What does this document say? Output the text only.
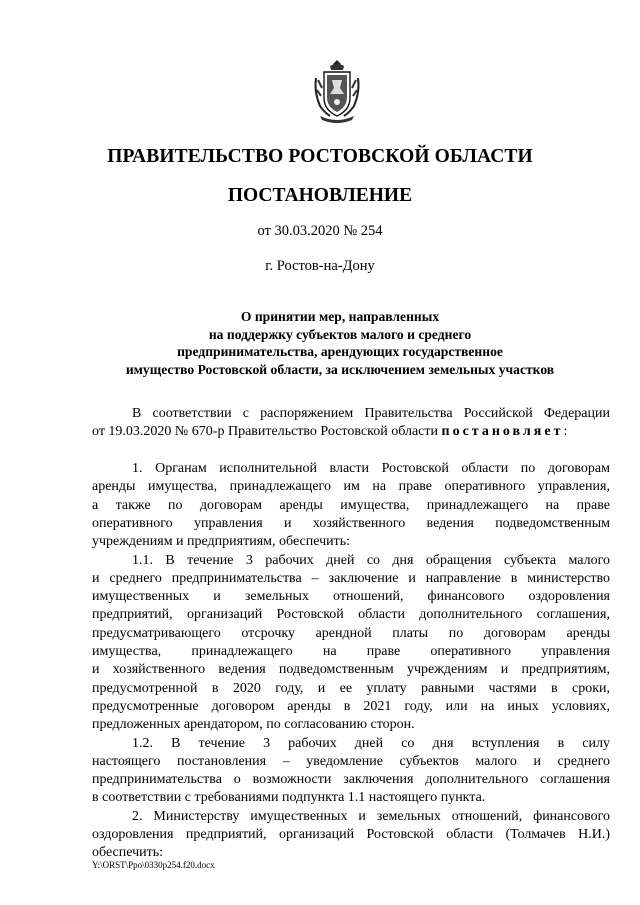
ПРАВИТЕЛЬСТВО РОСТОВСКОЙ ОБЛАСТИ
ПОСТАНОВЛЕНИЕ
от 30.03.2020 № 254
г. Ростов-на-Дону
О принятии мер, направленных
на поддержку субъектов малого и среднего
предпринимательства, арендующих государственное
имущество Ростовской области, за исключением земельных участков
В соответствии с распоряжением Правительства Российской Федерации
от 19.03.2020 № 670-р Правительство Ростовской области постановляет:
1. Органам исполнительной власти Ростовской области по договорам
аренды имущества, принадлежащего им на праве оперативного управления,
а также по договорам аренды имущества, принадлежащего на праве
оперативного управления и хозяйственного ведения подведомственным
учреждениям и предприятиям, обеспечить:
1.1. В течение 3 рабочих дней со дня обращения субъекта малого
и среднего предпринимательства – заключение и направление в министерство
имущественных и земельных отношений, финансового оздоровления
предприятий, организаций Ростовской области дополнительного соглашения,
предусматривающего отсрочку арендной платы по договорам аренды
имущества, принадлежащего на праве оперативного управления
и хозяйственного ведения подведомственным учреждениям и предприятиям,
предусмотренной в 2020 году, и ее уплату равными частями в сроки,
предусмотренные договором аренды в 2021 году, или на иных условиях,
предложенных арендатором, по согласованию сторон.
1.2. В течение 3 рабочих дней со дня вступления в силу
настоящего постановления – уведомление субъектов малого и среднего
предпринимательства о возможности заключения дополнительного соглашения
в соответствии с требованиями подпункта 1.1 настоящего пункта.
2. Министерству имущественных и земельных отношений, финансового
оздоровления предприятий, организаций Ростовской области (Толмачев Н.И.)
обеспечить:
Y:\ORST\Ppo\0330p254.f20.docx
